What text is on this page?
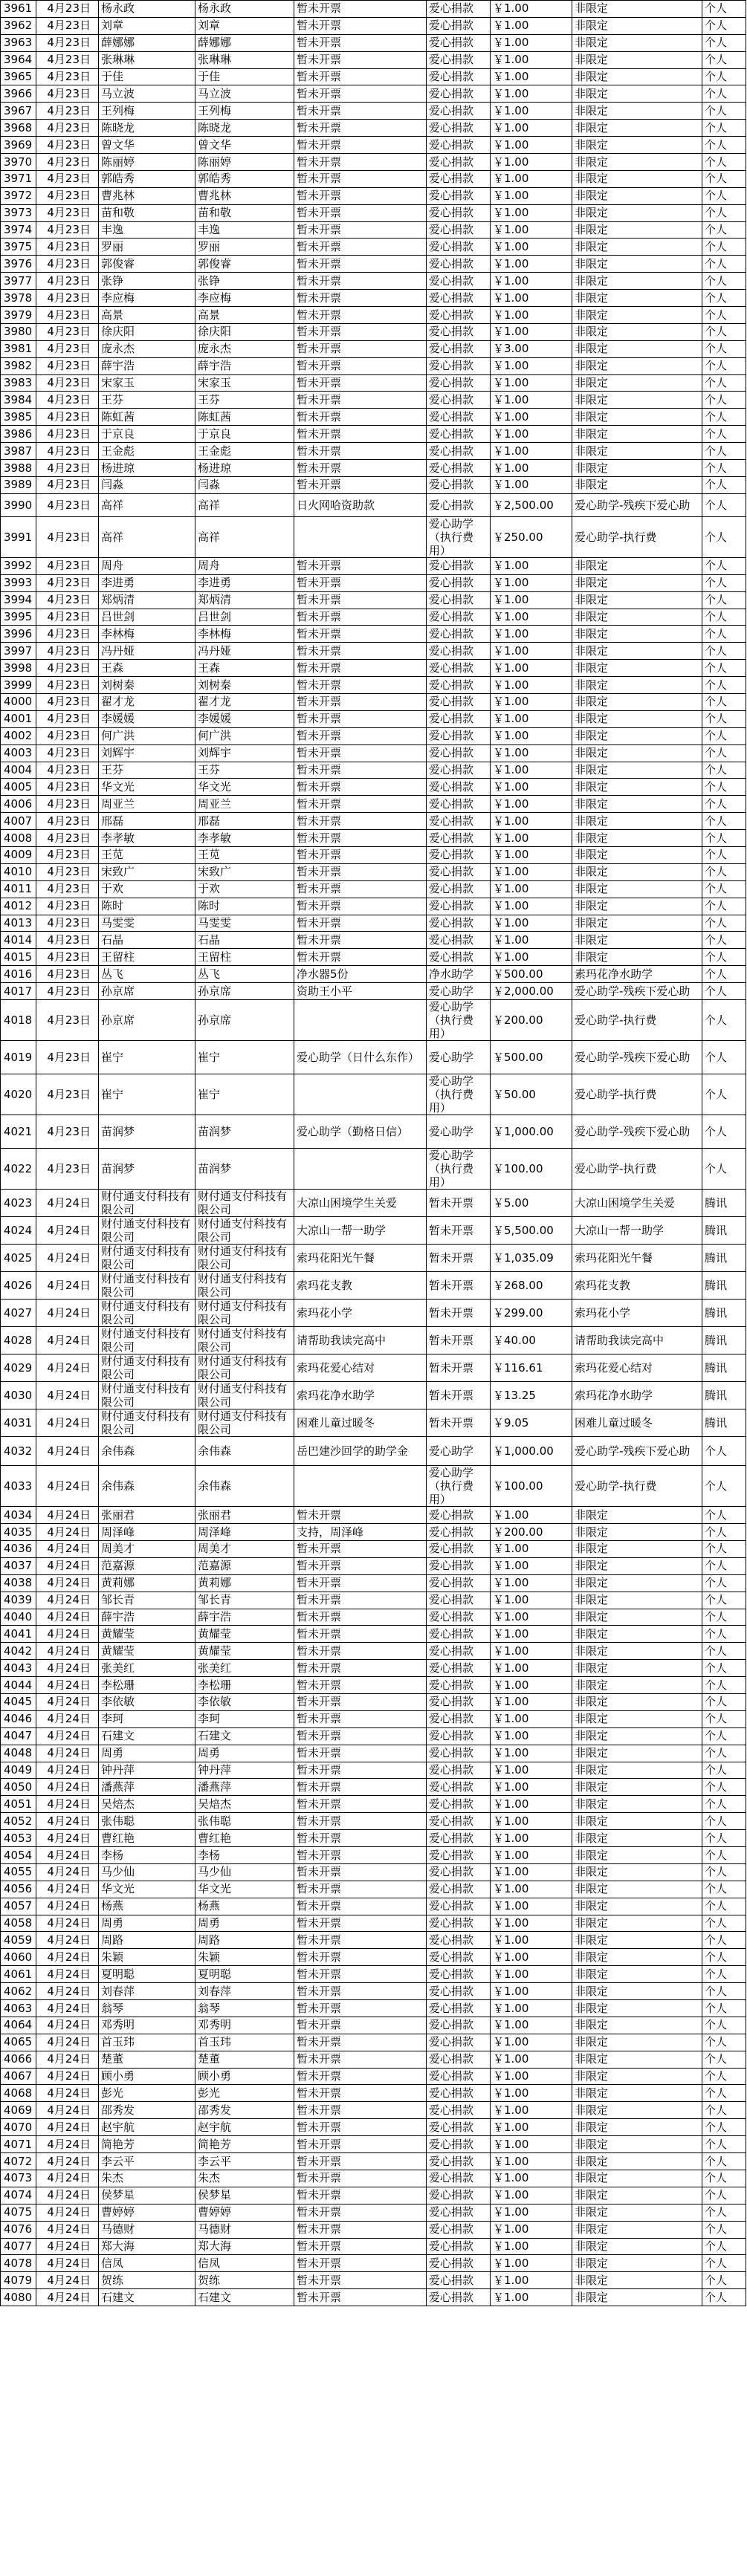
3961	4月23日	杨永政	杨永政	暂未开票	爱心捐款	￥1.00	非限定	个人
3962	4月23日	刘章	刘章	暂未开票	爱心捐款	￥1.00	非限定	个人
3963	4月23日	薛娜娜	薛娜娜	暂未开票	爱心捐款	￥1.00	非限定	个人
3964	4月23日	张琳琳	张琳琳	暂未开票	爱心捐款	￥1.00	非限定	个人
3965	4月23日	于佳	于佳	暂未开票	爱心捐款	￥1.00	非限定	个人
3966	4月23日	马立波	马立波	暂未开票	爱心捐款	￥1.00	非限定	个人
3967	4月23日	王列梅	王列梅	暂未开票	爱心捐款	￥1.00	非限定	个人
3968	4月23日	陈晓龙	陈晓龙	暂未开票	爱心捐款	￥1.00	非限定	个人
3969	4月23日	曾文华	曾文华	暂未开票	爱心捐款	￥1.00	非限定	个人
3970	4月23日	陈丽婷	陈丽婷	暂未开票	爱心捐款	￥1.00	非限定	个人
3971	4月23日	郭皓秀	郭皓秀	暂未开票	爱心捐款	￥1.00	非限定	个人
3972	4月23日	曹兆林	曹兆林	暂未开票	爱心捐款	￥1.00	非限定	个人
3973	4月23日	苗和敬	苗和敬	暂未开票	爱心捐款	￥1.00	非限定	个人
3974	4月23日	丰逸	丰逸	暂未开票	爱心捐款	￥1.00	非限定	个人
3975	4月23日	罗丽	罗丽	暂未开票	爱心捐款	￥1.00	非限定	个人
3976	4月23日	郭俊睿	郭俊睿	暂未开票	爱心捐款	￥1.00	非限定	个人
3977	4月23日	张铮	张铮	暂未开票	爱心捐款	￥1.00	非限定	个人
3978	4月23日	李应梅	李应梅	暂未开票	爱心捐款	￥1.00	非限定	个人
3979	4月23日	高景	高景	暂未开票	爱心捐款	￥1.00	非限定	个人
3980	4月23日	徐庆阳	徐庆阳	暂未开票	爱心捐款	￥1.00	非限定	个人
3981	4月23日	庞永杰	庞永杰	暂未开票	爱心捐款	￥3.00	非限定	个人
3982	4月23日	薛宇浩	薛宇浩	暂未开票	爱心捐款	￥1.00	非限定	个人
3983	4月23日	宋家玉	宋家玉	暂未开票	爱心捐款	￥1.00	非限定	个人
3984	4月23日	王芬	王芬	暂未开票	爱心捐款	￥1.00	非限定	个人
3985	4月23日	陈虹茜	陈虹茜	暂未开票	爱心捐款	￥1.00	非限定	个人
3986	4月23日	于京良	于京良	暂未开票	爱心捐款	￥1.00	非限定	个人
3987	4月23日	王金彪	王金彪	暂未开票	爱心捐款	￥1.00	非限定	个人
3988	4月23日	杨进琼	杨进琼	暂未开票	爱心捐款	￥1.00	非限定	个人
3989	4月23日	闫淼	闫淼	暂未开票	爱心捐款	￥1.00	非限定	个人
3990	4月23日	高祥	高祥	日火网哈资助款	爱心捐款	￥2,500.00	爱心助学-残疾下爱心助	个人
3991	4月23日	高祥	高祥		爱心助学（执行费用）	￥250.00	爱心助学-执行费	个人
3992	4月23日	周舟	周舟	暂未开票	爱心捐款	￥1.00	非限定	个人
3993	4月23日	李进勇	李进勇	暂未开票	爱心捐款	￥1.00	非限定	个人
3994	4月23日	郑炳清	郑炳清	暂未开票	爱心捐款	￥1.00	非限定	个人
3995	4月23日	吕世剑	吕世剑	暂未开票	爱心捐款	￥1.00	非限定	个人
3996	4月23日	李林梅	李林梅	暂未开票	爱心捐款	￥1.00	非限定	个人
3997	4月23日	冯丹娅	冯丹娅	暂未开票	爱心捐款	￥1.00	非限定	个人
3998	4月23日	王森	王森	暂未开票	爱心捐款	￥1.00	非限定	个人
3999	4月23日	刘树秦	刘树秦	暂未开票	爱心捐款	￥1.00	非限定	个人
4000	4月23日	翟才龙	翟才龙	暂未开票	爱心捐款	￥1.00	非限定	个人
4001	4月23日	李媛媛	李媛媛	暂未开票	爱心捐款	￥1.00	非限定	个人
4002	4月23日	何广洪	何广洪	暂未开票	爱心捐款	￥1.00	非限定	个人
4003	4月23日	刘辉宇	刘辉宇	暂未开票	爱心捐款	￥1.00	非限定	个人
4004	4月23日	王芬	王芬	暂未开票	爱心捐款	￥1.00	非限定	个人
4005	4月23日	华文光	华文光	暂未开票	爱心捐款	￥1.00	非限定	个人
4006	4月23日	周亚兰	周亚兰	暂未开票	爱心捐款	￥1.00	非限定	个人
4007	4月23日	邢磊	邢磊	暂未开票	爱心捐款	￥1.00	非限定	个人
4008	4月23日	李孝敏	李孝敏	暂未开票	爱心捐款	￥1.00	非限定	个人
4009	4月23日	王苋	王苋	暂未开票	爱心捐款	￥1.00	非限定	个人
4010	4月23日	宋致广	宋致广	暂未开票	爱心捐款	￥1.00	非限定	个人
4011	4月23日	于欢	于欢	暂未开票	爱心捐款	￥1.00	非限定	个人
4012	4月23日	陈时	陈时	暂未开票	爱心捐款	￥1.00	非限定	个人
4013	4月23日	马雯雯	马雯雯	暂未开票	爱心捐款	￥1.00	非限定	个人
4014	4月23日	石晶	石晶	暂未开票	爱心捐款	￥1.00	非限定	个人
4015	4月23日	王留柱	王留柱	暂未开票	爱心捐款	￥1.00	非限定	个人
4016	4月23日	丛飞	丛飞	净水器5份	净水助学	￥500.00	素玛花净水助学	个人
4017	4月23日	孙京席	孙京席	资助王小平	爱心助学	￥2,000.00	爱心助学-残疾下爱心助	个人
4018	4月23日	孙京席	孙京席		爱心助学（执行费用）	￥200.00	爱心助学-执行费	个人
4019	4月23日	崔宁	崔宁	爱心助学（日什么东作）	爱心助学	￥500.00	爱心助学-残疾下爱心助	个人
4020	4月23日	崔宁	崔宁		爱心助学（执行费用）	￥50.00	爱心助学-执行费	个人
4021	4月23日	苗润梦	苗润梦	爱心助学（勤格日信）	爱心助学	￥1,000.00	爱心助学-残疾下爱心助	个人
4022	4月23日	苗润梦	苗润梦		爱心助学（执行费用）	￥100.00	爱心助学-执行费	个人
4023	4月24日	财付通支付科技有限公司	财付通支付科技有限公司	大凉山困境学生关爱	暂未开票	￥5.00	大凉山困境学生关爱	腾讯
4024	4月24日	财付通支付科技有限公司	财付通支付科技有限公司	大凉山一帮一助学	暂未开票	￥5,500.00	大凉山一帮一助学	腾讯
4025	4月24日	财付通支付科技有限公司	财付通支付科技有限公司	索玛花阳光午餐	暂未开票	￥1,035.09	索玛花阳光午餐	腾讯
4026	4月24日	财付通支付科技有限公司	财付通支付科技有限公司	索玛花支教	暂未开票	￥268.00	索玛花支教	腾讯
4027	4月24日	财付通支付科技有限公司	财付通支付科技有限公司	索玛花小学	暂未开票	￥299.00	索玛花小学	腾讯
4028	4月24日	财付通支付科技有限公司	财付通支付科技有限公司	请帮助我读完高中	暂未开票	￥40.00	请帮助我读完高中	腾讯
4029	4月24日	财付通支付科技有限公司	财付通支付科技有限公司	索玛花爱心结对	暂未开票	￥116.61	索玛花爱心结对	腾讯
4030	4月24日	财付通支付科技有限公司	财付通支付科技有限公司	索玛花净水助学	暂未开票	￥13.25	索玛花净水助学	腾讯
4031	4月24日	财付通支付科技有限公司	财付通支付科技有限公司	困难儿童过暖冬	暂未开票	￥9.05	困难儿童过暖冬	腾讯
4032	4月24日	余伟森	余伟森	岳巴建沙回学的助学金	爱心助学	￥1,000.00	爱心助学-残疾下爱心助	个人
4033	4月24日	余伟森	余伟森		爱心助学（执行费用）	￥100.00	爱心助学-执行费	个人
4034	4月24日	张丽君	张丽君	暂未开票	爱心捐款	￥1.00	非限定	个人
4035	4月24日	周泽峰	周泽峰	支持，周泽峰	爱心捐款	￥200.00	非限定	个人
4036	4月24日	周美才	周美才	暂未开票	爱心捐款	￥1.00	非限定	个人
4037	4月24日	范嘉源	范嘉源	暂未开票	爱心捐款	￥1.00	非限定	个人
4038	4月24日	黄莉娜	黄莉娜	暂未开票	爱心捐款	￥1.00	非限定	个人
4039	4月24日	邹长青	邹长青	暂未开票	爱心捐款	￥1.00	非限定	个人
4040	4月24日	薛宇浩	薛宇浩	暂未开票	爱心捐款	￥1.00	非限定	个人
4041	4月24日	黄耀莹	黄耀莹	暂未开票	爱心捐款	￥1.00	非限定	个人
4042	4月24日	黄耀莹	黄耀莹	暂未开票	爱心捐款	￥1.00	非限定	个人
4043	4月24日	张美红	张美红	暂未开票	爱心捐款	￥1.00	非限定	个人
4044	4月24日	李松珊	李松珊	暂未开票	爱心捐款	￥1.00	非限定	个人
4045	4月24日	李依敏	李依敏	暂未开票	爱心捐款	￥1.00	非限定	个人
4046	4月24日	李珂	李珂	暂未开票	爱心捐款	￥1.00	非限定	个人
4047	4月24日	石建文	石建文	暂未开票	爱心捐款	￥1.00	非限定	个人
4048	4月24日	周勇	周勇	暂未开票	爱心捐款	￥1.00	非限定	个人
4049	4月24日	钟丹萍	钟丹萍	暂未开票	爱心捐款	￥1.00	非限定	个人
4050	4月24日	潘燕萍	潘燕萍	暂未开票	爱心捐款	￥1.00	非限定	个人
4051	4月24日	吴焙杰	吴焙杰	暂未开票	爱心捐款	￥1.00	非限定	个人
4052	4月24日	张伟聪	张伟聪	暂未开票	爱心捐款	￥1.00	非限定	个人
4053	4月24日	曹红艳	曹红艳	暂未开票	爱心捐款	￥1.00	非限定	个人
4054	4月24日	李杨	李杨	暂未开票	爱心捐款	￥1.00	非限定	个人
4055	4月24日	马少仙	马少仙	暂未开票	爱心捐款	￥1.00	非限定	个人
4056	4月24日	华文光	华文光	暂未开票	爱心捐款	￥1.00	非限定	个人
4057	4月24日	杨燕	杨燕	暂未开票	爱心捐款	￥1.00	非限定	个人
4058	4月24日	周勇	周勇	暂未开票	爱心捐款	￥1.00	非限定	个人
4059	4月24日	周路	周路	暂未开票	爱心捐款	￥1.00	非限定	个人
4060	4月24日	朱颖	朱颖	暂未开票	爱心捐款	￥1.00	非限定	个人
4061	4月24日	夏明聪	夏明聪	暂未开票	爱心捐款	￥1.00	非限定	个人
4062	4月24日	刘春萍	刘春萍	暂未开票	爱心捐款	￥1.00	非限定	个人
4063	4月24日	翁琴	翁琴	暂未开票	爱心捐款	￥1.00	非限定	个人
4064	4月24日	邓秀明	邓秀明	暂未开票	爱心捐款	￥1.00	非限定	个人
4065	4月24日	首玉玮	首玉玮	暂未开票	爱心捐款	￥1.00	非限定	个人
4066	4月24日	楚董	楚董	暂未开票	爱心捐款	￥1.00	非限定	个人
4067	4月24日	顾小勇	顾小勇	暂未开票	爱心捐款	￥1.00	非限定	个人
4068	4月24日	彭光	彭光	暂未开票	爱心捐款	￥1.00	非限定	个人
4069	4月24日	邵秀发	邵秀发	暂未开票	爱心捐款	￥1.00	非限定	个人
4070	4月24日	赵宇航	赵宇航	暂未开票	爱心捐款	￥1.00	非限定	个人
4071	4月24日	简艳芳	简艳芳	暂未开票	爱心捐款	￥1.00	非限定	个人
4072	4月24日	李云平	李云平	暂未开票	爱心捐款	￥1.00	非限定	个人
4073	4月24日	朱杰	朱杰	暂未开票	爱心捐款	￥1.00	非限定	个人
4074	4月24日	侯梦星	侯梦星	暂未开票	爱心捐款	￥1.00	非限定	个人
4075	4月24日	曹婷婷	曹婷婷	暂未开票	爱心捐款	￥1.00	非限定	个人
4076	4月24日	马德财	马德财	暂未开票	爱心捐款	￥1.00	非限定	个人
4077	4月24日	郑大海	郑大海	暂未开票	爱心捐款	￥1.00	非限定	个人
4078	4月24日	信凤	信凤	暂未开票	爱心捐款	￥1.00	非限定	个人
4079	4月24日	贺练	贺练	暂未开票	爱心捐款	￥1.00	非限定	个人
4080	4月24日	石建文	石建文	暂未开票	爱心捐款	￥1.00	非限定	个人
